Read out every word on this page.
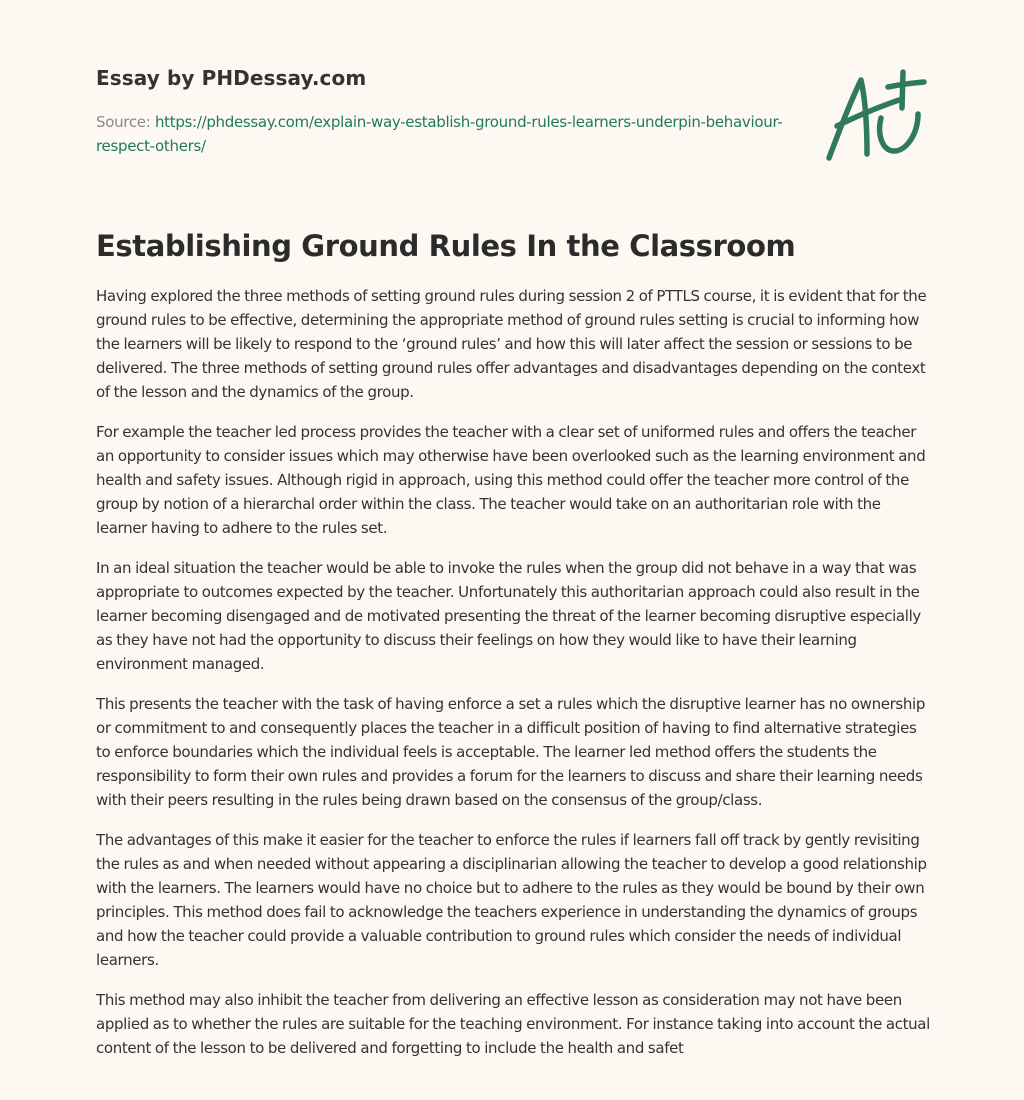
Essay by PHDessay.com
Source: https://phdessay.com/explain-way-establish-ground-rules-learners-underpin-behaviour-respect-others/
Establishing Ground Rules In the Classroom

Having explored the three methods of setting ground rules during session 2 of PTTLS course, it is evident that for the ground rules to be effective, determining the appropriate method of ground rules setting is crucial to informing how the learners will be likely to respond to the ‘ground rules’ and how this will later affect the session or sessions to be delivered. The three methods of setting ground rules offer advantages and disadvantages depending on the context of the lesson and the dynamics of the group.

For example the teacher led process provides the teacher with a clear set of uniformed rules and offers the teacher an opportunity to consider issues which may otherwise have been overlooked such as the learning environment and health and safety issues. Although rigid in approach, using this method could offer the teacher more control of the group by notion of a hierarchal order within the class. The teacher would take on an authoritarian role with the learner having to adhere to the rules set.

In an ideal situation the teacher would be able to invoke the rules when the group did not behave in a way that was appropriate to outcomes expected by the teacher. Unfortunately this authoritarian approach could also result in the learner becoming disengaged and de motivated presenting the threat of the learner becoming disruptive especially as they have not had the opportunity to discuss their feelings on how they would like to have their learning environment managed.

This presents the teacher with the task of having enforce a set a rules which the disruptive learner has no ownership or commitment to and consequently places the teacher in a difficult position of having to find alternative strategies to enforce boundaries which the individual feels is acceptable. The learner led method offers the students the responsibility to form their own rules and provides a forum for the learners to discuss and share their learning needs with their peers resulting in the rules being drawn based on the consensus of the group/class.

The advantages of this make it easier for the teacher to enforce the rules if learners fall off track by gently revisiting the rules as and when needed without appearing a disciplinarian allowing the teacher to develop a good relationship with the learners. The learners would have no choice but to adhere to the rules as they would be bound by their own principles. This method does fail to acknowledge the teachers experience in understanding the dynamics of groups and how the teacher could provide a valuable contribution to ground rules which consider the needs of individual learners.

This method may also inhibit the teacher from delivering an effective lesson as consideration may not have been applied as to whether the rules are suitable for the teaching environment. For instance taking into account the actual content of the lesson to be delivered and forgetting to include the health and safet
